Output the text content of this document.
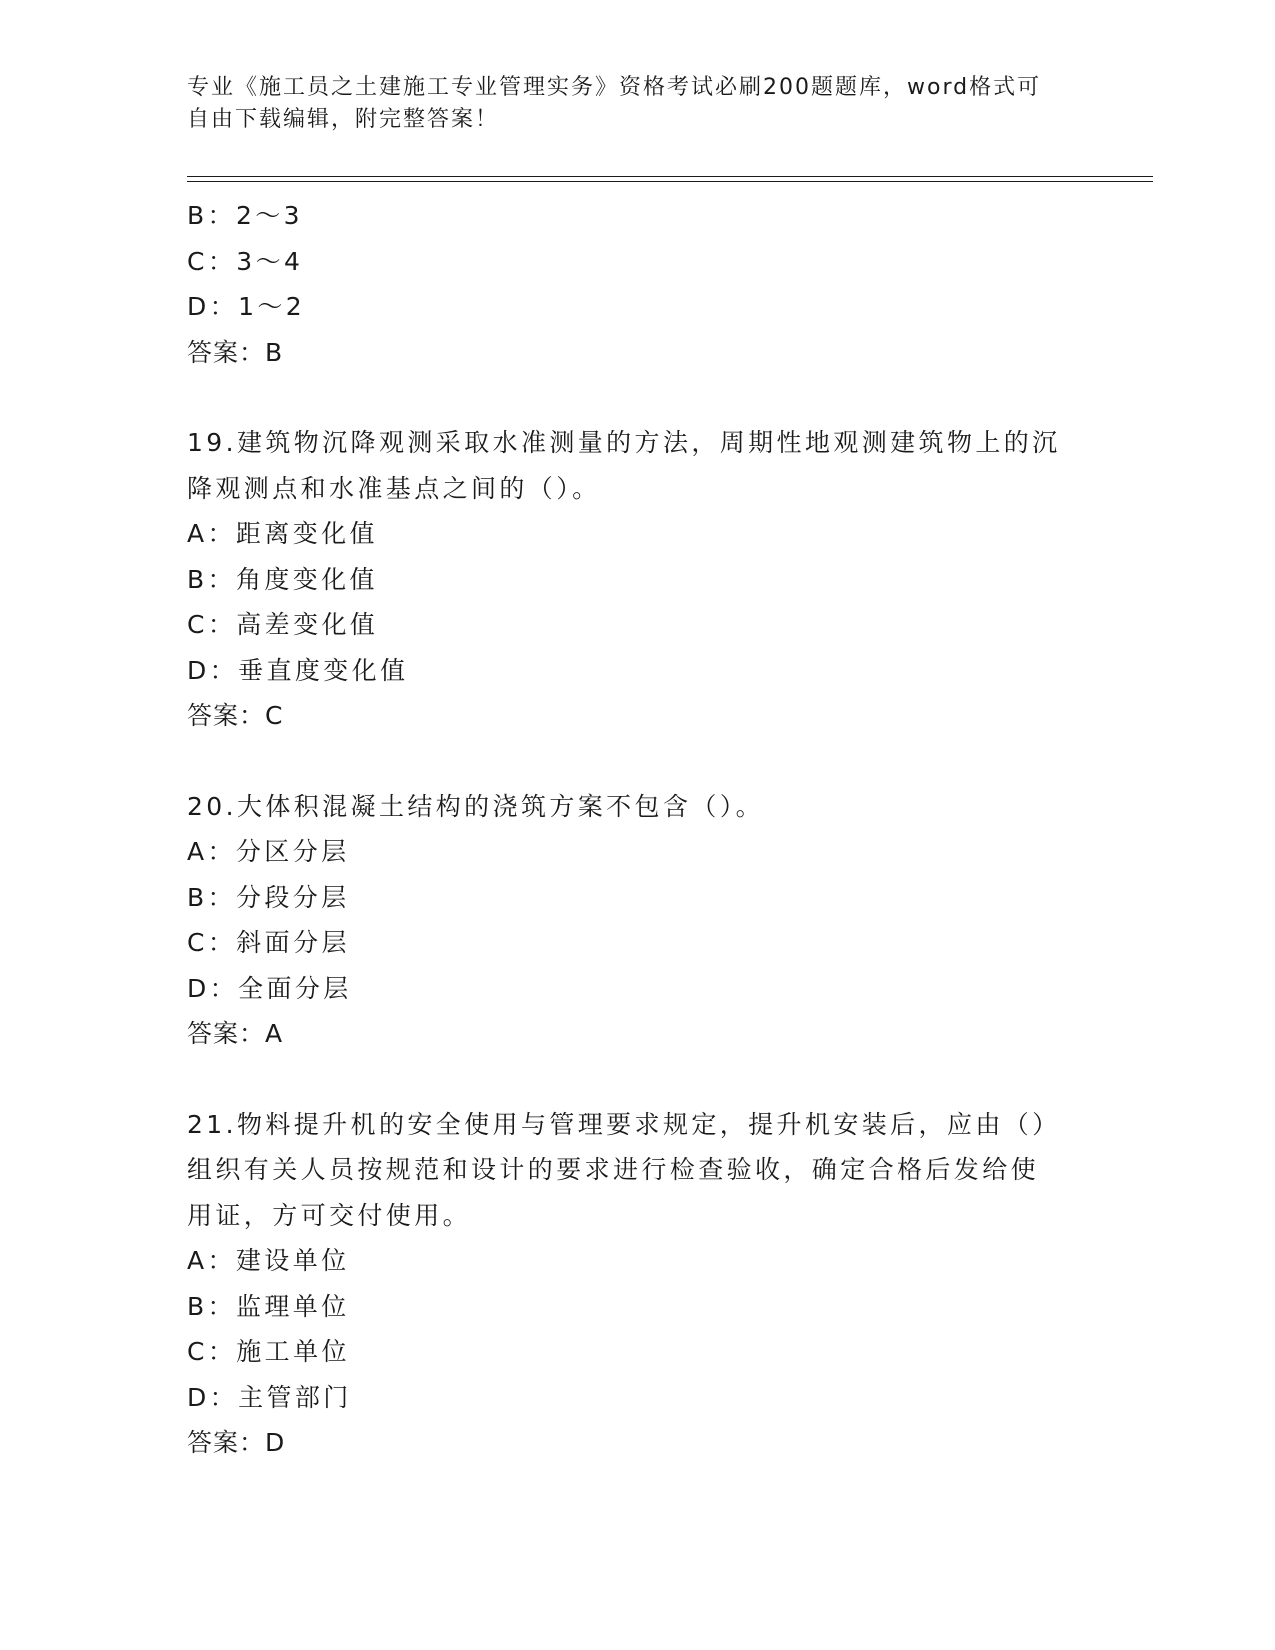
专业《施工员之土建施工专业管理实务》资格考试必刷200题题库，word格式可
自由下载编辑，附完整答案！
B：2～3
C：3～4
D：1～2
答案：B
19.建筑物沉降观测采取水准测量的方法，周期性地观测建筑物上的沉
降观测点和水准基点之间的（）。
A：距离变化值
B：角度变化值
C：高差变化值
D：垂直度变化值
答案：C
20.大体积混凝土结构的浇筑方案不包含（）。
A：分区分层
B：分段分层
C：斜面分层
D：全面分层
答案：A
21.物料提升机的安全使用与管理要求规定，提升机安装后，应由（）
组织有关人员按规范和设计的要求进行检查验收，确定合格后发给使
用证，方可交付使用。
A：建设单位
B：监理单位
C：施工单位
D：主管部门
答案：D
